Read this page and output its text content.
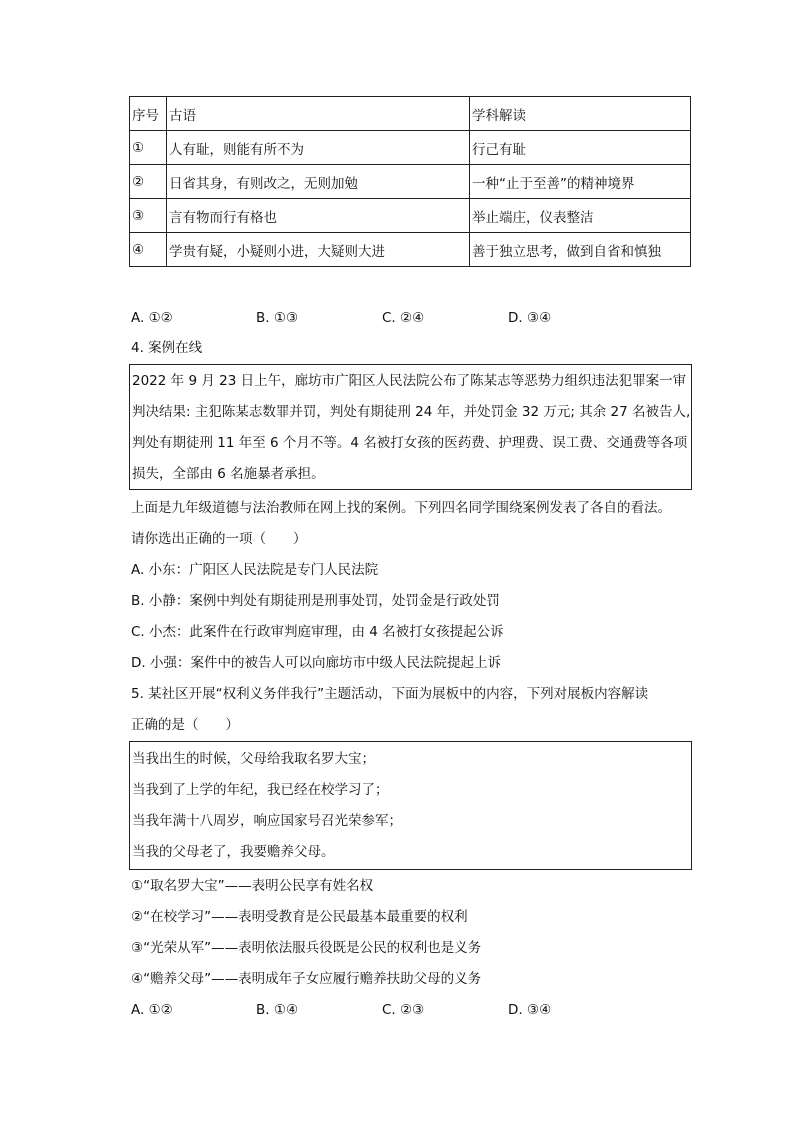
序号	古语	学科解读
①	人有耻，则能有所不为	行己有耻
②	日省其身，有则改之，无则加勉	一种“止于至善”的精神境界
③	言有物而行有格也	举止端庄，仪表整洁
④	学贵有疑，小疑则小进，大疑则大进	善于独立思考，做到自省和慎独
A. ①②	B. ①③	C. ②④	D. ③④
4. 案例在线
2022 年 9 月 23 日上午，廊坊市广阳区人民法院公布了陈某志等恶势力组织违法犯罪案一审
判决结果: 主犯陈某志数罪并罚，判处有期徒刑 24 年，并处罚金 32 万元; 其余 27 名被告人,
判处有期徒刑 11 年至 6 个月不等。4 名被打女孩的医药费、护理费、误工费、交通费等各项
损失，全部由 6 名施暴者承担。
上面是九年级道德与法治教师在网上找的案例。下列四名同学围绕案例发表了各自的看法。
请你选出正确的一项（　　）
A. 小东：广阳区人民法院是专门人民法院
B. 小静：案例中判处有期徒刑是刑事处罚，处罚金是行政处罚
C. 小杰：此案件在行政审判庭审理，由 4 名被打女孩提起公诉
D. 小强：案件中的被告人可以向廊坊市中级人民法院提起上诉
5. 某社区开展“权利义务伴我行”主题活动，下面为展板中的内容，下列对展板内容解读
正确的是（　　）
当我出生的时候，父母给我取名罗大宝；
当我到了上学的年纪，我已经在校学习了；
当我年满十八周岁，响应国家号召光荣参军；
当我的父母老了，我要赡养父母。
①“取名罗大宝”——表明公民享有姓名权
②“在校学习”——表明受教育是公民最基本最重要的权利
③“光荣从军”——表明依法服兵役既是公民的权利也是义务
④“赡养父母”——表明成年子女应履行赡养扶助父母的义务
A. ①②	B. ①④	C. ②③	D. ③④
